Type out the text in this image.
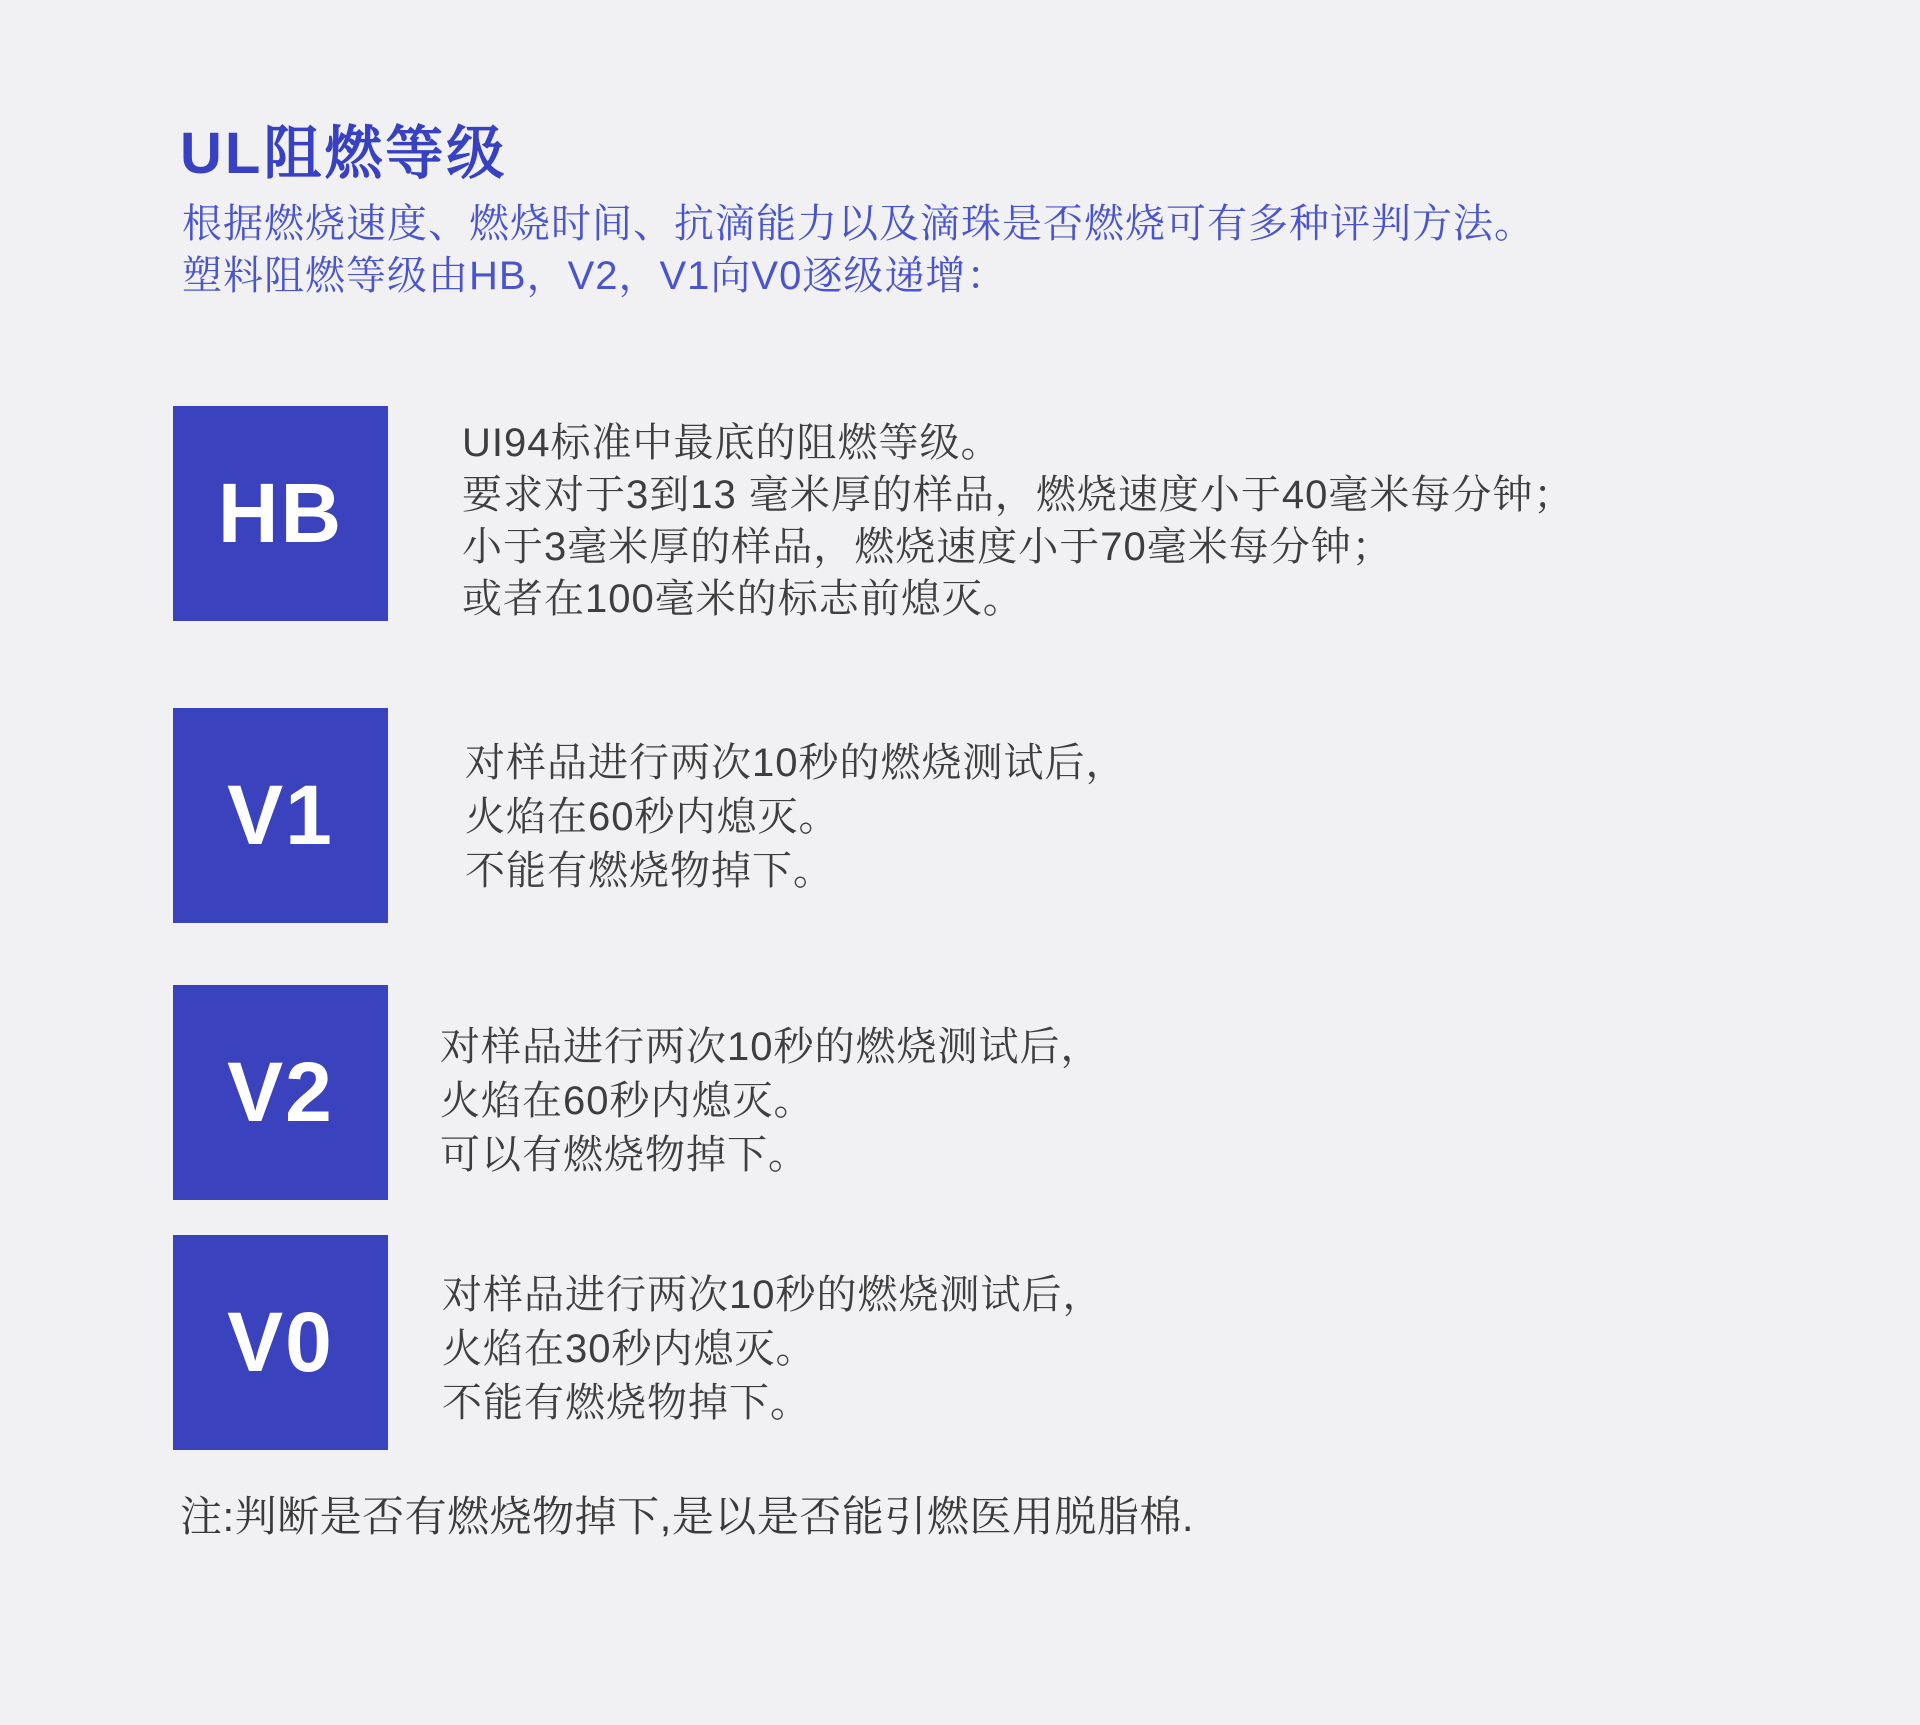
UL阻燃等级
根据燃烧速度、燃烧时间、抗滴能力以及滴珠是否燃烧可有多种评判方法。
塑料阻燃等级由HB，V2，V1向V0逐级递增：
HB
UI94标准中最底的阻燃等级。
要求对于3到13 毫米厚的样品，燃烧速度小于40毫米每分钟；
小于3毫米厚的样品，燃烧速度小于70毫米每分钟；
或者在100毫米的标志前熄灭。
V1
对样品进行两次10秒的燃烧测试后，
火焰在60秒内熄灭。
不能有燃烧物掉下。
V2	对样品进行两次10秒的燃烧测试后，
火焰在60秒内熄灭。
可以有燃烧物掉下。
V0	对样品进行两次10秒的燃烧测试后，
火焰在30秒内熄灭。
不能有燃烧物掉下。
注:判断是否有燃烧物掉下,是以是否能引燃医用脱脂棉.
